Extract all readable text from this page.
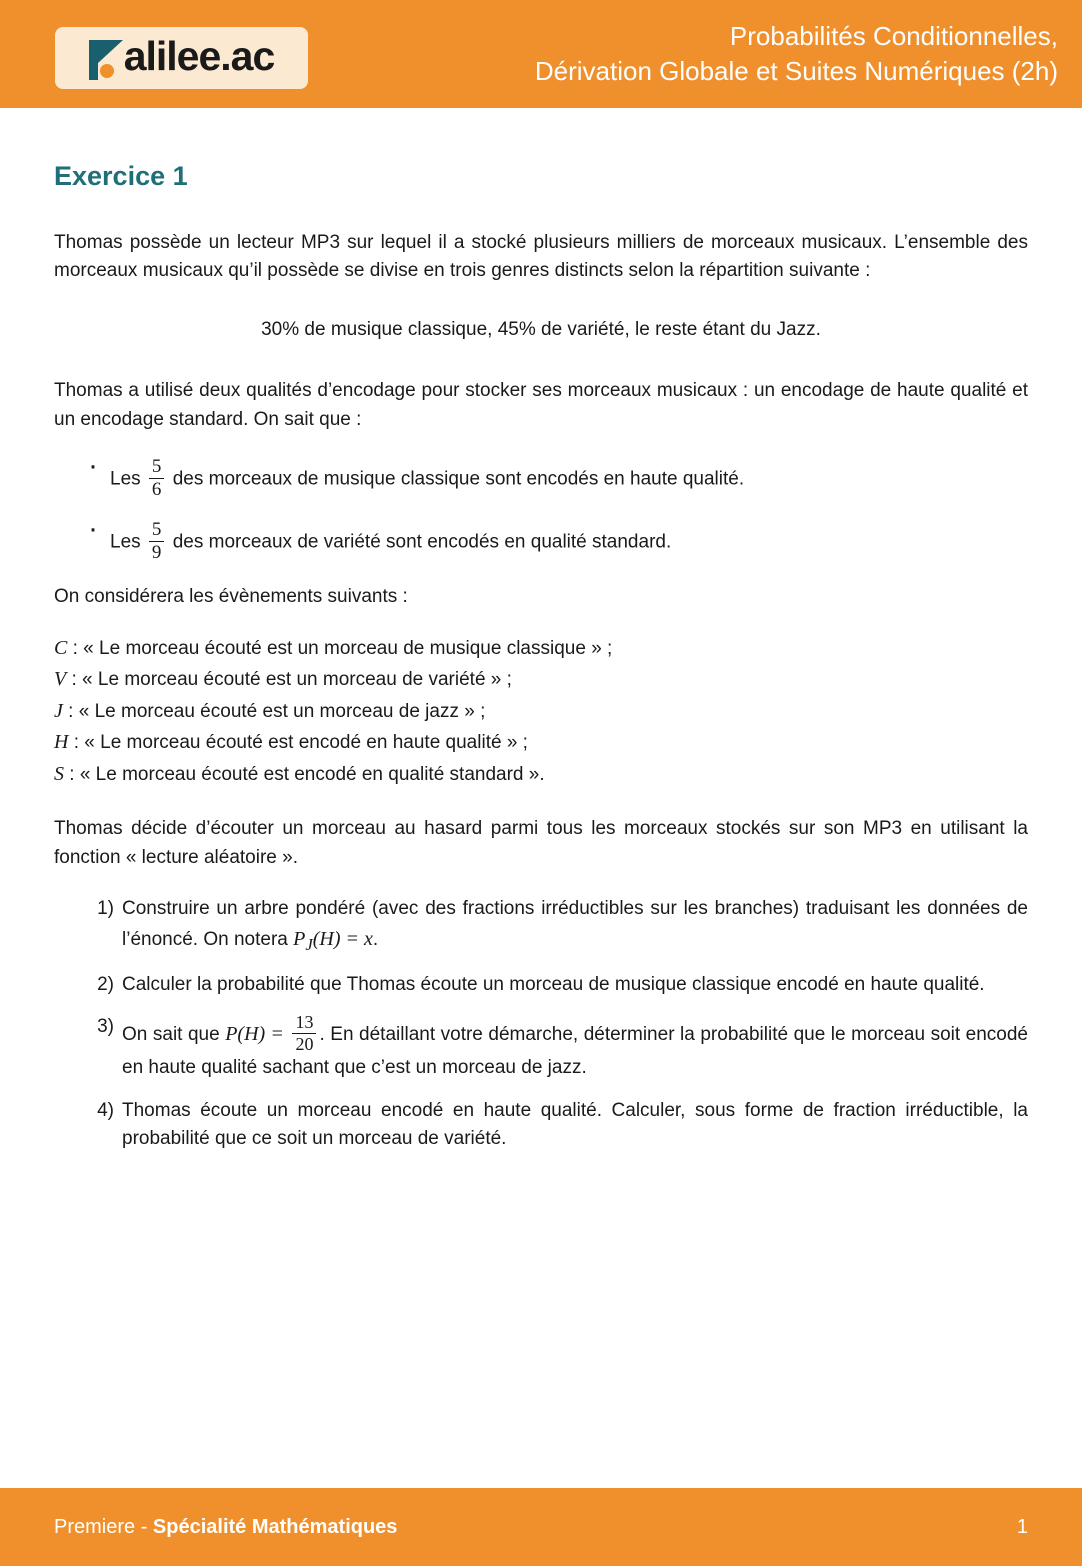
alilee.ac	Probabilités Conditionnelles,
Dérivation Globale et Suites Numériques (2h)
Exercice 1

Thomas possède un lecteur MP3 sur lequel il a stocké plusieurs milliers de morceaux musicaux. L’ensemble des morceaux musicaux qu’il possède se divise en trois genres distincts selon la répartition suivante :

30% de musique classique, 45% de variété, le reste étant du Jazz.

Thomas a utilisé deux qualités d’encodage pour stocker ses morceaux musicaux : un encodage de haute qualité et un encodage standard. On sait que :

· Les $\frac{5}{6}$ des morceaux de musique classique sont encodés en haute qualité.
· Les $\frac{5}{9}$ des morceaux de variété sont encodés en qualité standard.

On considérera les évènements suivants :

C : « Le morceau écouté est un morceau de musique classique » ;
V : « Le morceau écouté est un morceau de variété » ;
J : « Le morceau écouté est un morceau de jazz » ;
H : « Le morceau écouté est encodé en haute qualité » ;
S : « Le morceau écouté est encodé en qualité standard ».

Thomas décide d’écouter un morceau au hasard parmi tous les morceaux stockés sur son MP3 en utilisant la fonction « lecture aléatoire ».

Construire un arbre pondéré (avec des fractions irréductibles sur les branches) traduisant les données de l’énoncé. On notera $P_J(H) = x$.
Calculer la probabilité que Thomas écoute un morceau de musique classique encodé en haute qualité.
On sait que $P(H) = \frac{13}{20}$ . En détaillant votre démarche, déterminer la probabilité que le morceau soit encodé en haute qualité sachant que c’est un morceau de jazz.
Thomas écoute un morceau encodé en haute qualité. Calculer, sous forme de fraction irréductible, la probabilité que ce soit un morceau de variété.
Premiere - Spécialité Mathématiques	1
